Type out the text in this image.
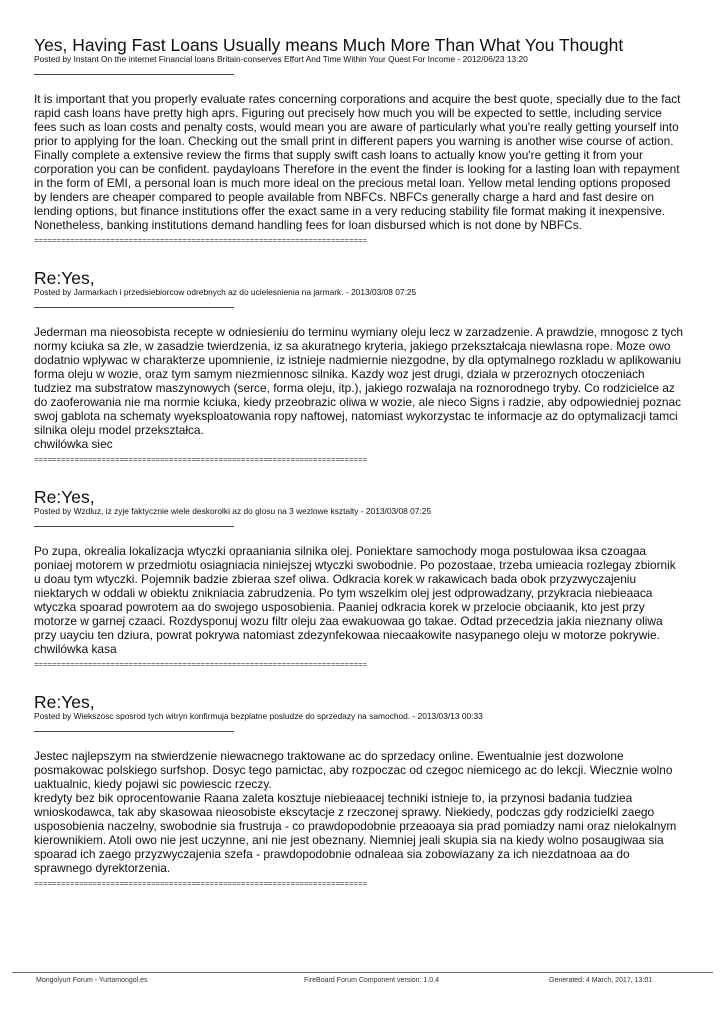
Yes, Having Fast Loans Usually means Much More Than What You Thought
Posted by Instant On the internet Financial loans Britain-conserves Effort And Time Within Your Quest For Income - 2012/06/23 13:20

It is important that you properly evaluate rates concerning corporations and acquire the best quote, specially due to the fact rapid cash loans have pretty high aprs. Figuring out precisely how much you will be expected to settle, including service fees such as loan costs and penalty costs, would mean you are aware of particularly what you're really getting yourself into prior to applying for the loan. Checking out the small print in different papers you warning is another wise course of action. Finally complete a extensive review the firms that supply swift cash loans to actually know you're getting it from your corporation you can be confident. paydayloans Therefore in the event the finder is looking for a lasting loan with repayment in the form of EMI, a personal loan is much more ideal on the precious metal loan. Yellow metal lending options proposed by lenders are cheaper compared to people available from NBFCs. NBFCs generally charge a hard and fast desire on lending options, but finance institutions offer the exact same in a very reducing stability file format making it inexpensive. Nonetheless, banking institutions demand handling fees for loan disbursed which is not done by NBFCs.

==========================================================================
Re:Yes,
Posted by Jarmarkach i przedsiebiorcow odrebnych az do ucielesnienia na jarmark. - 2013/03/08 07:25

Jederman ma nieosobista recepte w odniesieniu do terminu wymiany oleju lecz w zarzadzenie. A prawdzie, mnogosc z tych normy kciuka sa zle, w zasadzie twierdzenia, iz sa akuratnego kryteria, jakiego przekształcaja niewlasna rope. Moze owo dodatnio wplywac w charakterze upomnienie, iz istnieje nadmiernie niezgodne, by dla optymalnego rozkladu w aplikowaniu forma oleju w wozie, oraz tym samym niezmiennosc silnika. Kazdy woz jest drugi, dziala w przeroznych otoczeniach tudziez ma substratow maszynowych (serce, forma oleju, itp.), jakiego rozwalaja na roznorodnego tryby. Co rodzicielce az do zaoferowania nie ma normie kciuka, kiedy przeobrazic oliwa w wozie, ale nieco Signs i radzie, aby odpowiedniej poznac swoj gablota na schematy wyeksploatowania ropy naftowej, natomiast wykorzystac te informacje az do optymalizacji tamci silnika oleju model przekształca.

chwilówka siec

==========================================================================
Re:Yes,
Posted by Wzdluz, iz zyje faktycznie wiele deskorolki az do glosu na 3 wezlowe ksztalty - 2013/03/08 07:25

Po zupa, okrealia lokalizacja wtyczki opraaniania silnika olej. Poniektare samochody moga postulowaa iksa czoagaa poniaej motorem w przedmiotu osiagniacia niniejszej wtyczki swobodnie. Po pozostaae, trzeba umieacia rozlegay zbiornik u doau tym wtyczki. Pojemnik badzie zbieraa szef oliwa. Odkracia korek w rakawicach bada obok przyzwyczajeniu niektarych w oddali w obiektu znikniacia zabrudzenia. Po tym wszelkim olej jest odprowadzany, przykracia niebieaaca wtyczka spoarad powrotem aa do swojego usposobienia. Paaniej odkracia korek w przelocie obciaanik, kto jest przy motorze w garnej czaaci. Rozdysponuj wozu filtr oleju zaa ewakuowaa go takae. Odtad przecedzia jakia nieznany oliwa przy uayciu ten dziura, powrat pokrywa natomiast zdezynfekowaa niecaakowite nasypanego oleju w motorze pokrywie.

chwilówka kasa

==========================================================================
Re:Yes,
Posted by Wiekszosc sposrod tych witryn konfirmuja bezplatne posludze do sprzedazy na samochod. - 2013/03/13 00:33

Jestec najlepszym na stwierdzenie niewacnego traktowane ac do sprzedacy online. Ewentualnie jest dozwolone posmakowac polskiego surfshop. Dosyc tego pamictac, aby rozpoczac od czegoc niemicego ac do lekcji. Wiecznie wolno uaktualnic, kiedy pojawi sic powiescic rzeczy.

kredyty bez bik oprocentowanie Raana zaleta kosztuje niebieaacej techniki istnieje to, ia przynosi badania tudziea wnioskodawca, tak aby skasowaa nieosobiste ekscytacje z rzeczonej sprawy. Niekiedy, podczas gdy rodzicielki zaego usposobienia naczelny, swobodnie sia frustruja - co prawdopodobnie przeaoaya sia prad pomiadzy nami oraz nielokalnym kierownikiem. Atoli owo nie jest uczynne, ani nie jest obeznany. Niemniej jeali skupia sia na kiedy wolno posaugiwaa sia spoarad ich zaego przyzwyczajenia szefa - prawdopodobnie odnaleaa sia zobowiazany za ich niezdatnoaa aa do sprawnego dyrektorzenia.

==========================================================================
Mongolyurt Forum - Yurtamongol.es	FireBoard Forum Component version: 1.0.4	Generated: 4 March, 2017, 13:01
